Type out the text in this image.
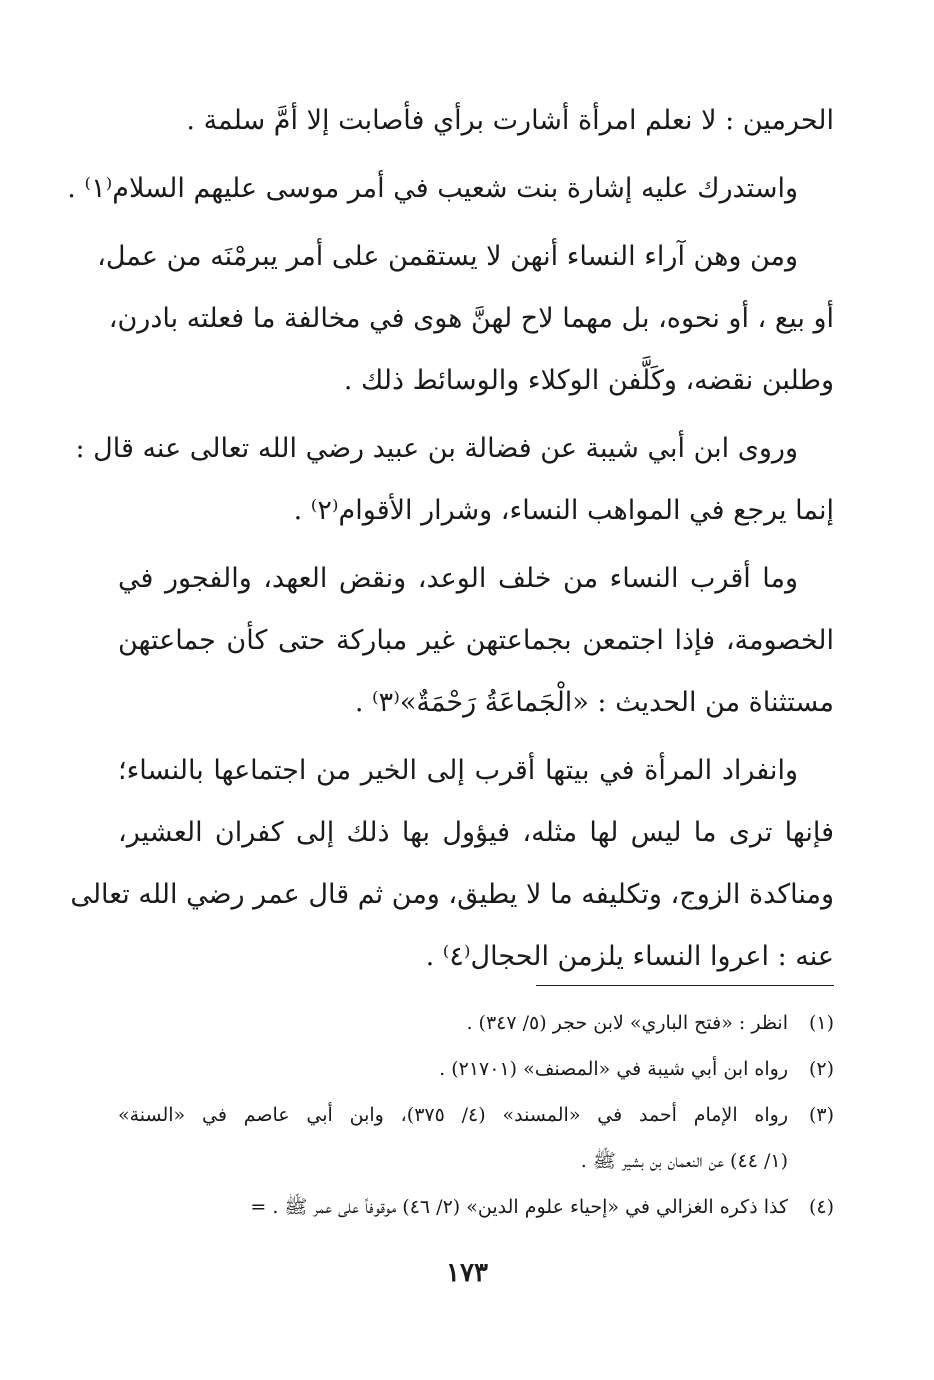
الحرمين : لا نعلم امرأة أشارت برأي فأصابت إلا أمَّ سلمة .

واستدرك عليه إشارة بنت شعيب في أمر موسى عليهم السلام⁽١⁾ .

ومن وهن آراء النساء أنهن لا يستقمن على أمر يبرمْنَه من عمل،
أو بيع ، أو نحوه، بل مهما لاح لهنَّ هوى في مخالفة ما فعلته بادرن،
وطلبن نقضه، وكَلَّفن الوكلاء والوسائط ذلك .

وروى ابن أبي شيبة عن فضالة بن عبيد رضي الله تعالى عنه قال :
إنما يرجع في المواهب النساء، وشرار الأقوام⁽٢⁾ .

وما أقرب النساء من خلف الوعد، ونقض العهد، والفجور في
الخصومة، فإذا اجتمعن بجماعتهن غير مباركة حتى كأن جماعتهن
مستثناة من الحديث : «الْجَماعَةُ رَحْمَةٌ»⁽٣⁾ .

وانفراد المرأة في بيتها أقرب إلى الخير من اجتماعها بالنساء؛
فإنها ترى ما ليس لها مثله، فيؤول بها ذلك إلى كفران العشير،
ومناكدة الزوج، وتكليفه ما لا يطيق، ومن ثم قال عمر رضي الله تعالى
عنه : اعروا النساء يلزمن الحجال⁽٤⁾ .

(١)
انظر : «فتح الباري» لابن حجر (٥/ ٣٤٧) .
(٢)
رواه ابن أبي شيبة في «المصنف» (٢١٧٠١) .
(٣)
رواه الإمام أحمد في «المسند» (٤/ ٣٧٥)، وابن أبي عاصم في «السنة»
(١/ ٤٤) عن النعمان بن بشير ﷺ .
(٤)
كذا ذكره الغزالي في «إحياء علوم الدين» (٢/ ٤٦) موقوفاً على عمر ﷺ . =
١٧٣
